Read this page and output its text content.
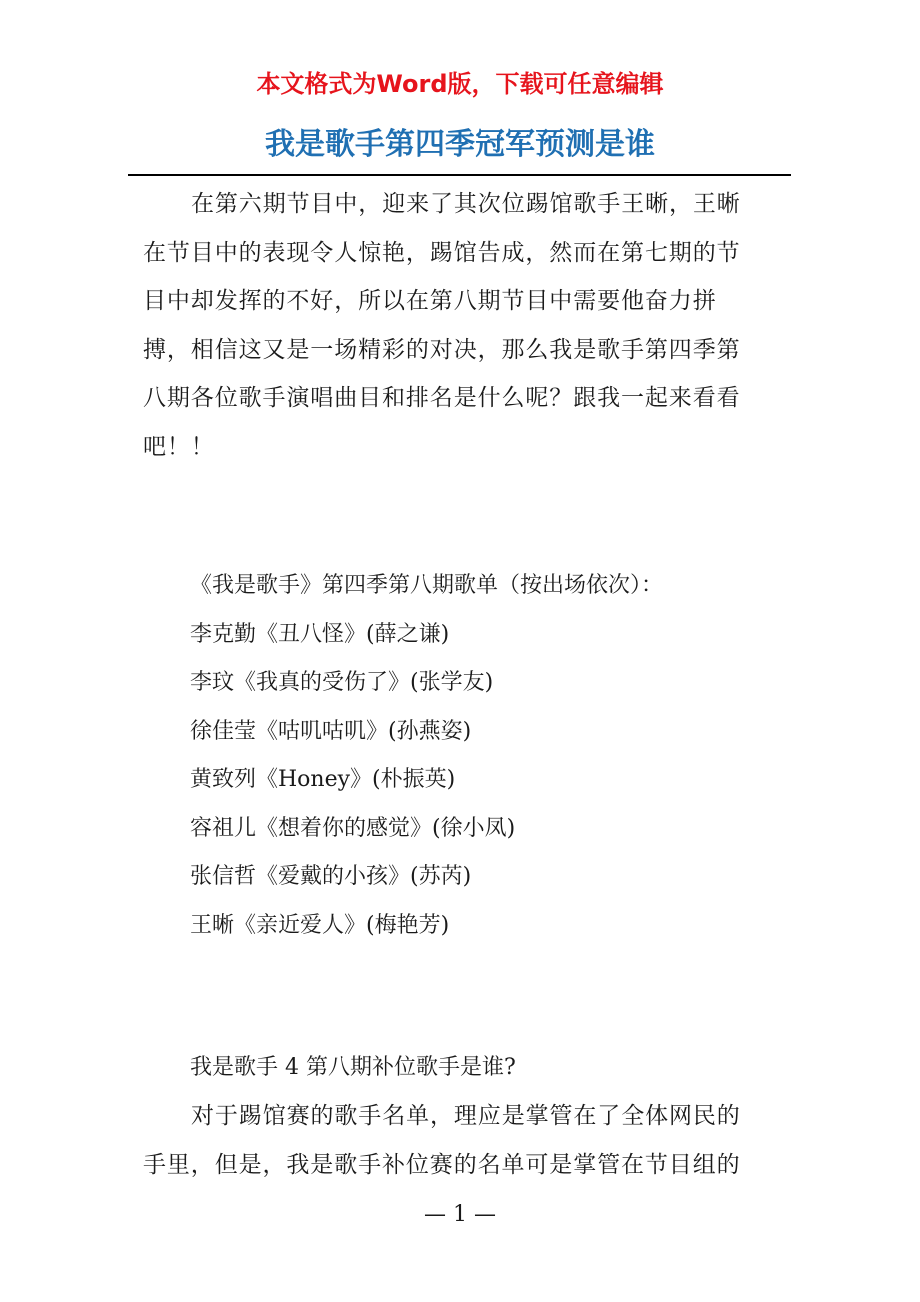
本文格式为Word版，下载可任意编辑

我是歌手第四季冠军预测是谁

在第六期节目中，迎来了其次位踢馆歌手王晰，王晰在节目中的表现令人惊艳，踢馆告成，然而在第七期的节目中却发挥的不好，所以在第八期节目中需要他奋力拼搏，相信这又是一场精彩的对决，那么我是歌手第四季第八期各位歌手演唱曲目和排名是什么呢？跟我一起来看看吧！！

《我是歌手》第四季第八期歌单（按出场依次）：
李克勤《丑八怪》(薛之谦)
李玟《我真的受伤了》(张学友)
徐佳莹《咕叽咕叽》(孙燕姿)
黄致列《Honey》(朴振英)
容祖儿《想着你的感觉》(徐小凤)
张信哲《爱戴的小孩》(苏芮)
王晰《亲近爱人》(梅艳芳)

我是歌手 4 第八期补位歌手是谁?

对于踢馆赛的歌手名单，理应是掌管在了全体网民的手里，但是，我是歌手补位赛的名单可是掌管在节目组的

— 1 —
